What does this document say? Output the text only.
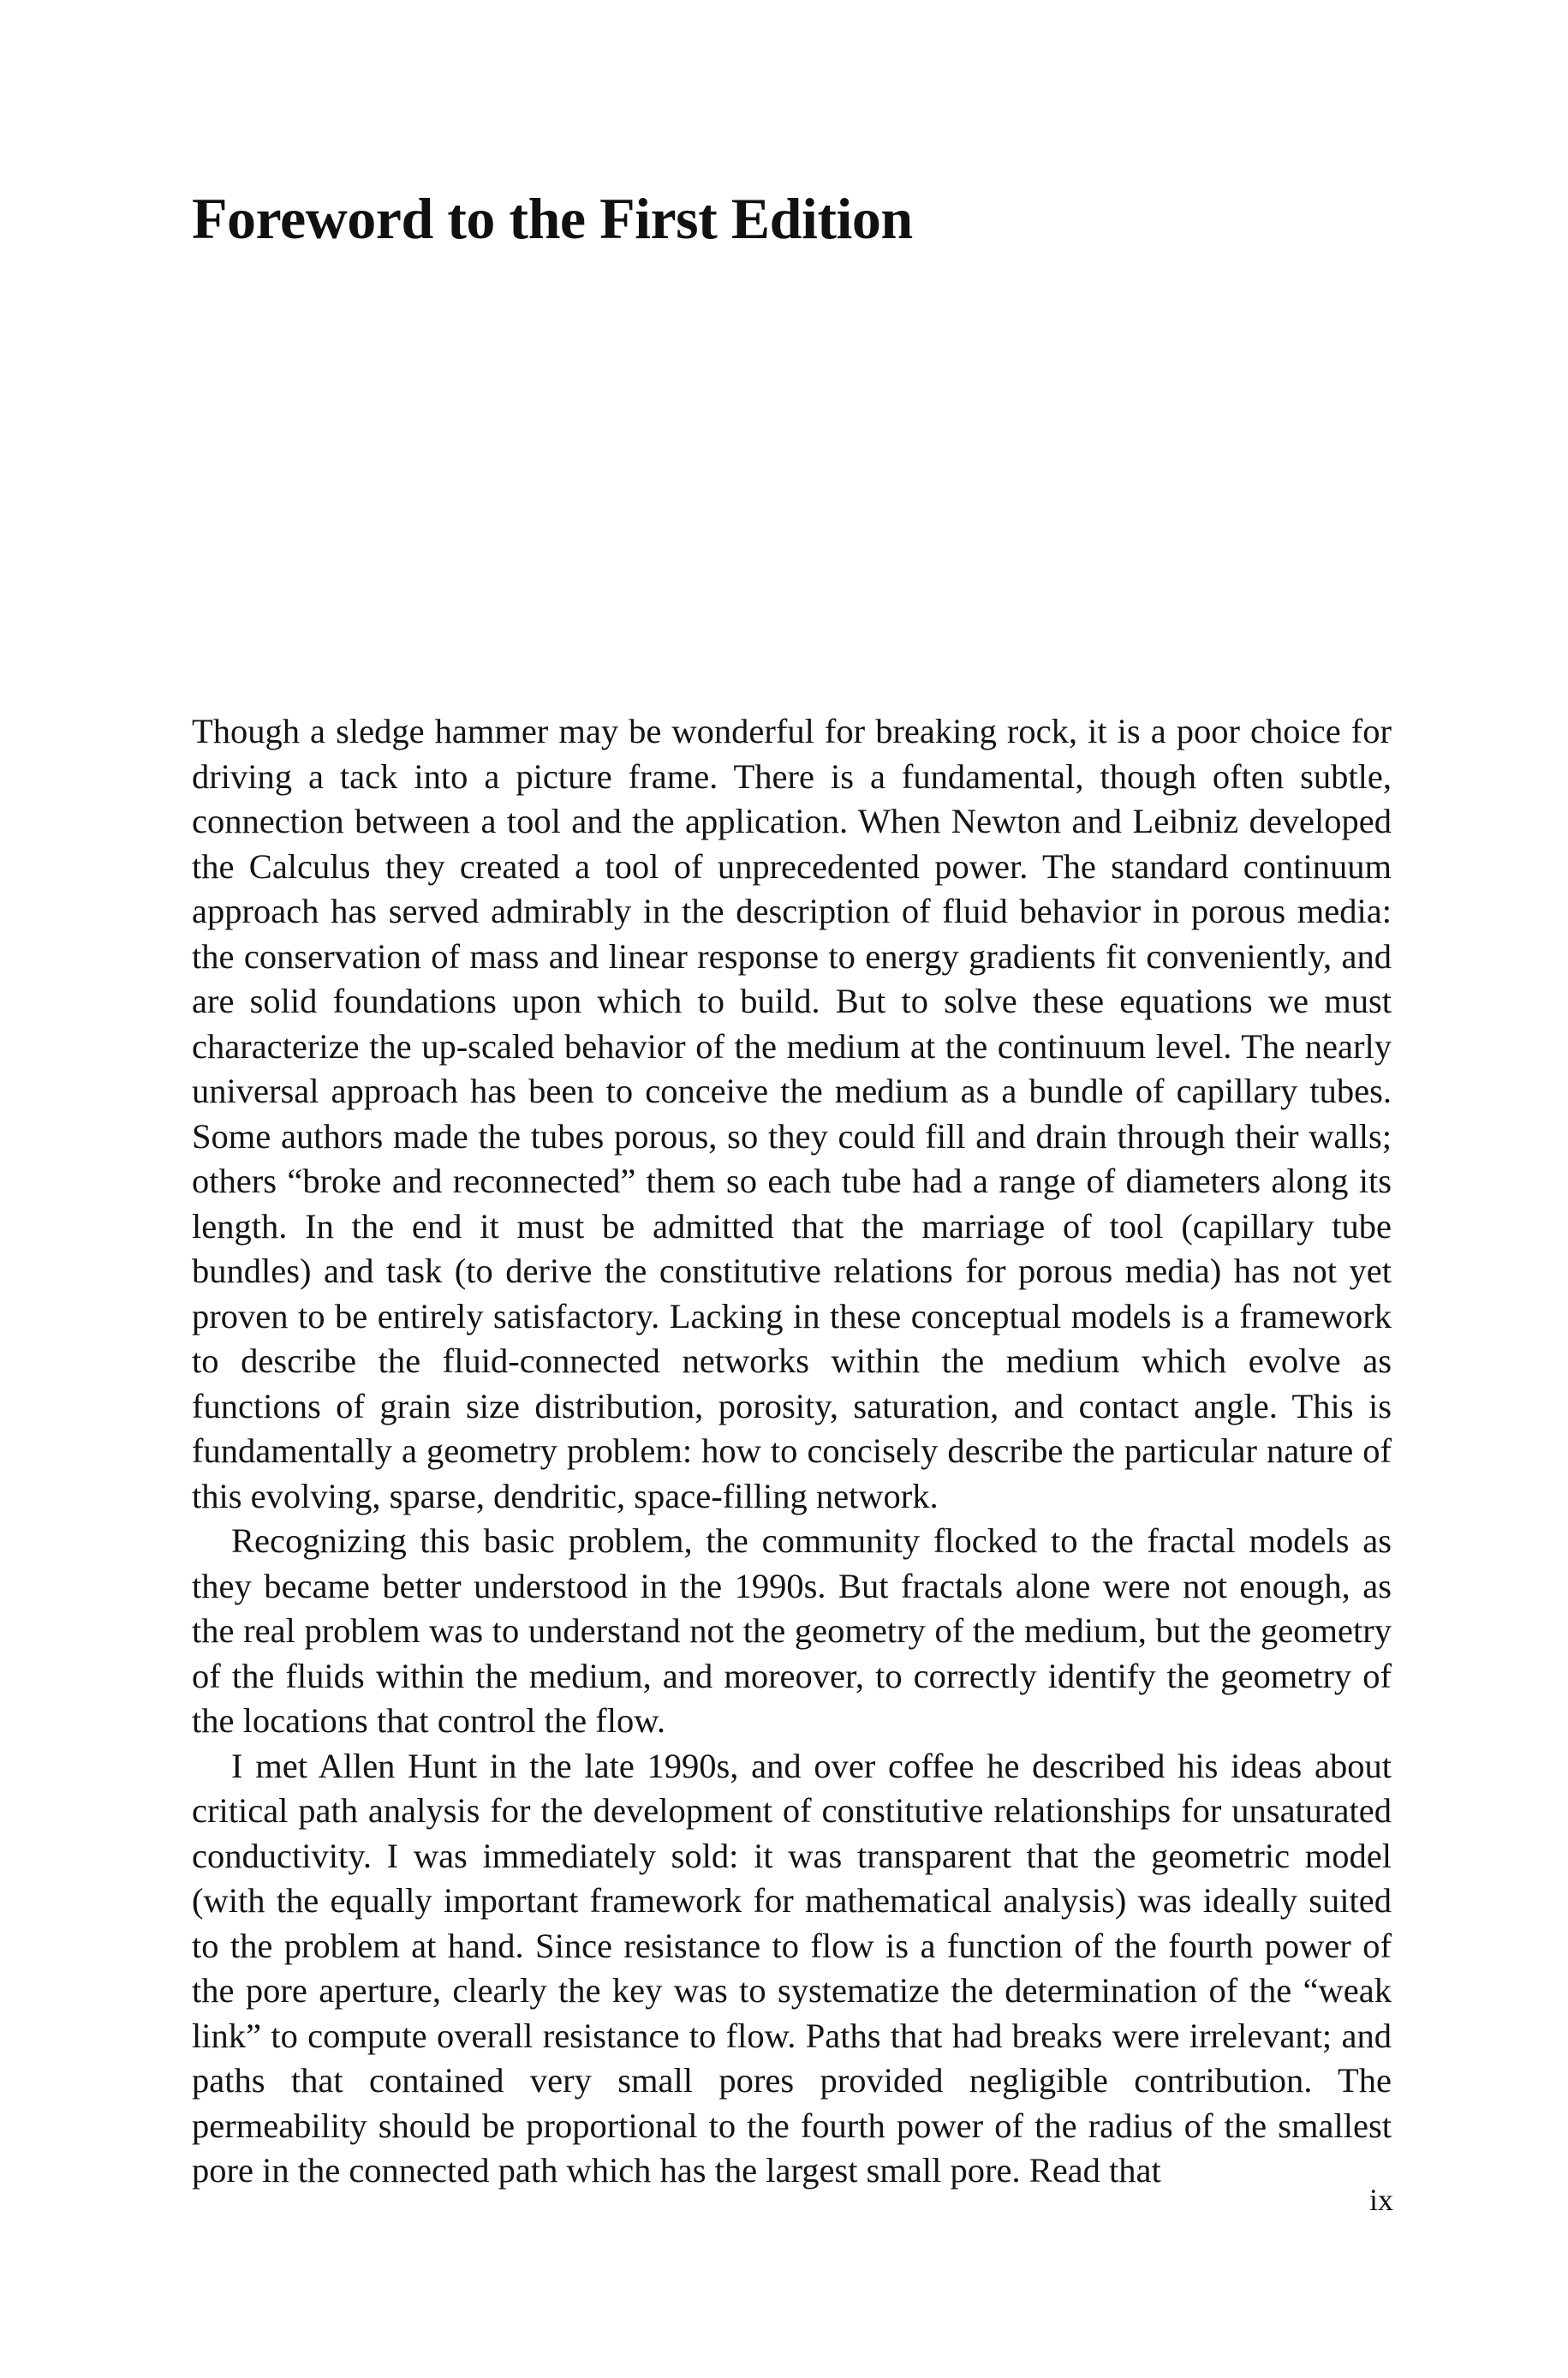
Foreword to the First Edition

Though a sledge hammer may be wonderful for breaking rock, it is a poor choice for driving a tack into a picture frame. There is a fundamental, though often subtle, connection between a tool and the application. When Newton and Leibniz developed the Calculus they created a tool of unprecedented power. The standard continuum approach has served admirably in the description of fluid behavior in porous media: the conservation of mass and linear response to energy gradients fit conveniently, and are solid foundations upon which to build. But to solve these equations we must characterize the up-scaled behavior of the medium at the continuum level. The nearly universal approach has been to conceive the medium as a bundle of capillary tubes. Some authors made the tubes porous, so they could fill and drain through their walls; others “broke and reconnected” them so each tube had a range of diameters along its length. In the end it must be admitted that the marriage of tool (capillary tube bundles) and task (to derive the constitutive relations for porous media) has not yet proven to be entirely satisfactory. Lacking in these conceptual models is a framework to describe the fluid-connected networks within the medium which evolve as functions of grain size distribution, porosity, saturation, and contact angle. This is fundamentally a geometry problem: how to concisely describe the particular nature of this evolving, sparse, dendritic, space-filling network.

Recognizing this basic problem, the community flocked to the fractal models as they became better understood in the 1990s. But fractals alone were not enough, as the real problem was to understand not the geometry of the medium, but the geometry of the fluids within the medium, and moreover, to correctly identify the geometry of the locations that control the flow.

I met Allen Hunt in the late 1990s, and over coffee he described his ideas about critical path analysis for the development of constitutive relationships for unsaturated conductivity. I was immediately sold: it was transparent that the geometric model (with the equally important framework for mathematical analysis) was ideally suited to the problem at hand. Since resistance to flow is a function of the fourth power of the pore aperture, clearly the key was to systematize the determination of the “weak link” to compute overall resistance to flow. Paths that had breaks were irrelevant; and paths that contained very small pores provided negligible contribution. The permeability should be proportional to the fourth power of the radius of the smallest pore in the connected path which has the largest small pore. Read that

ix
